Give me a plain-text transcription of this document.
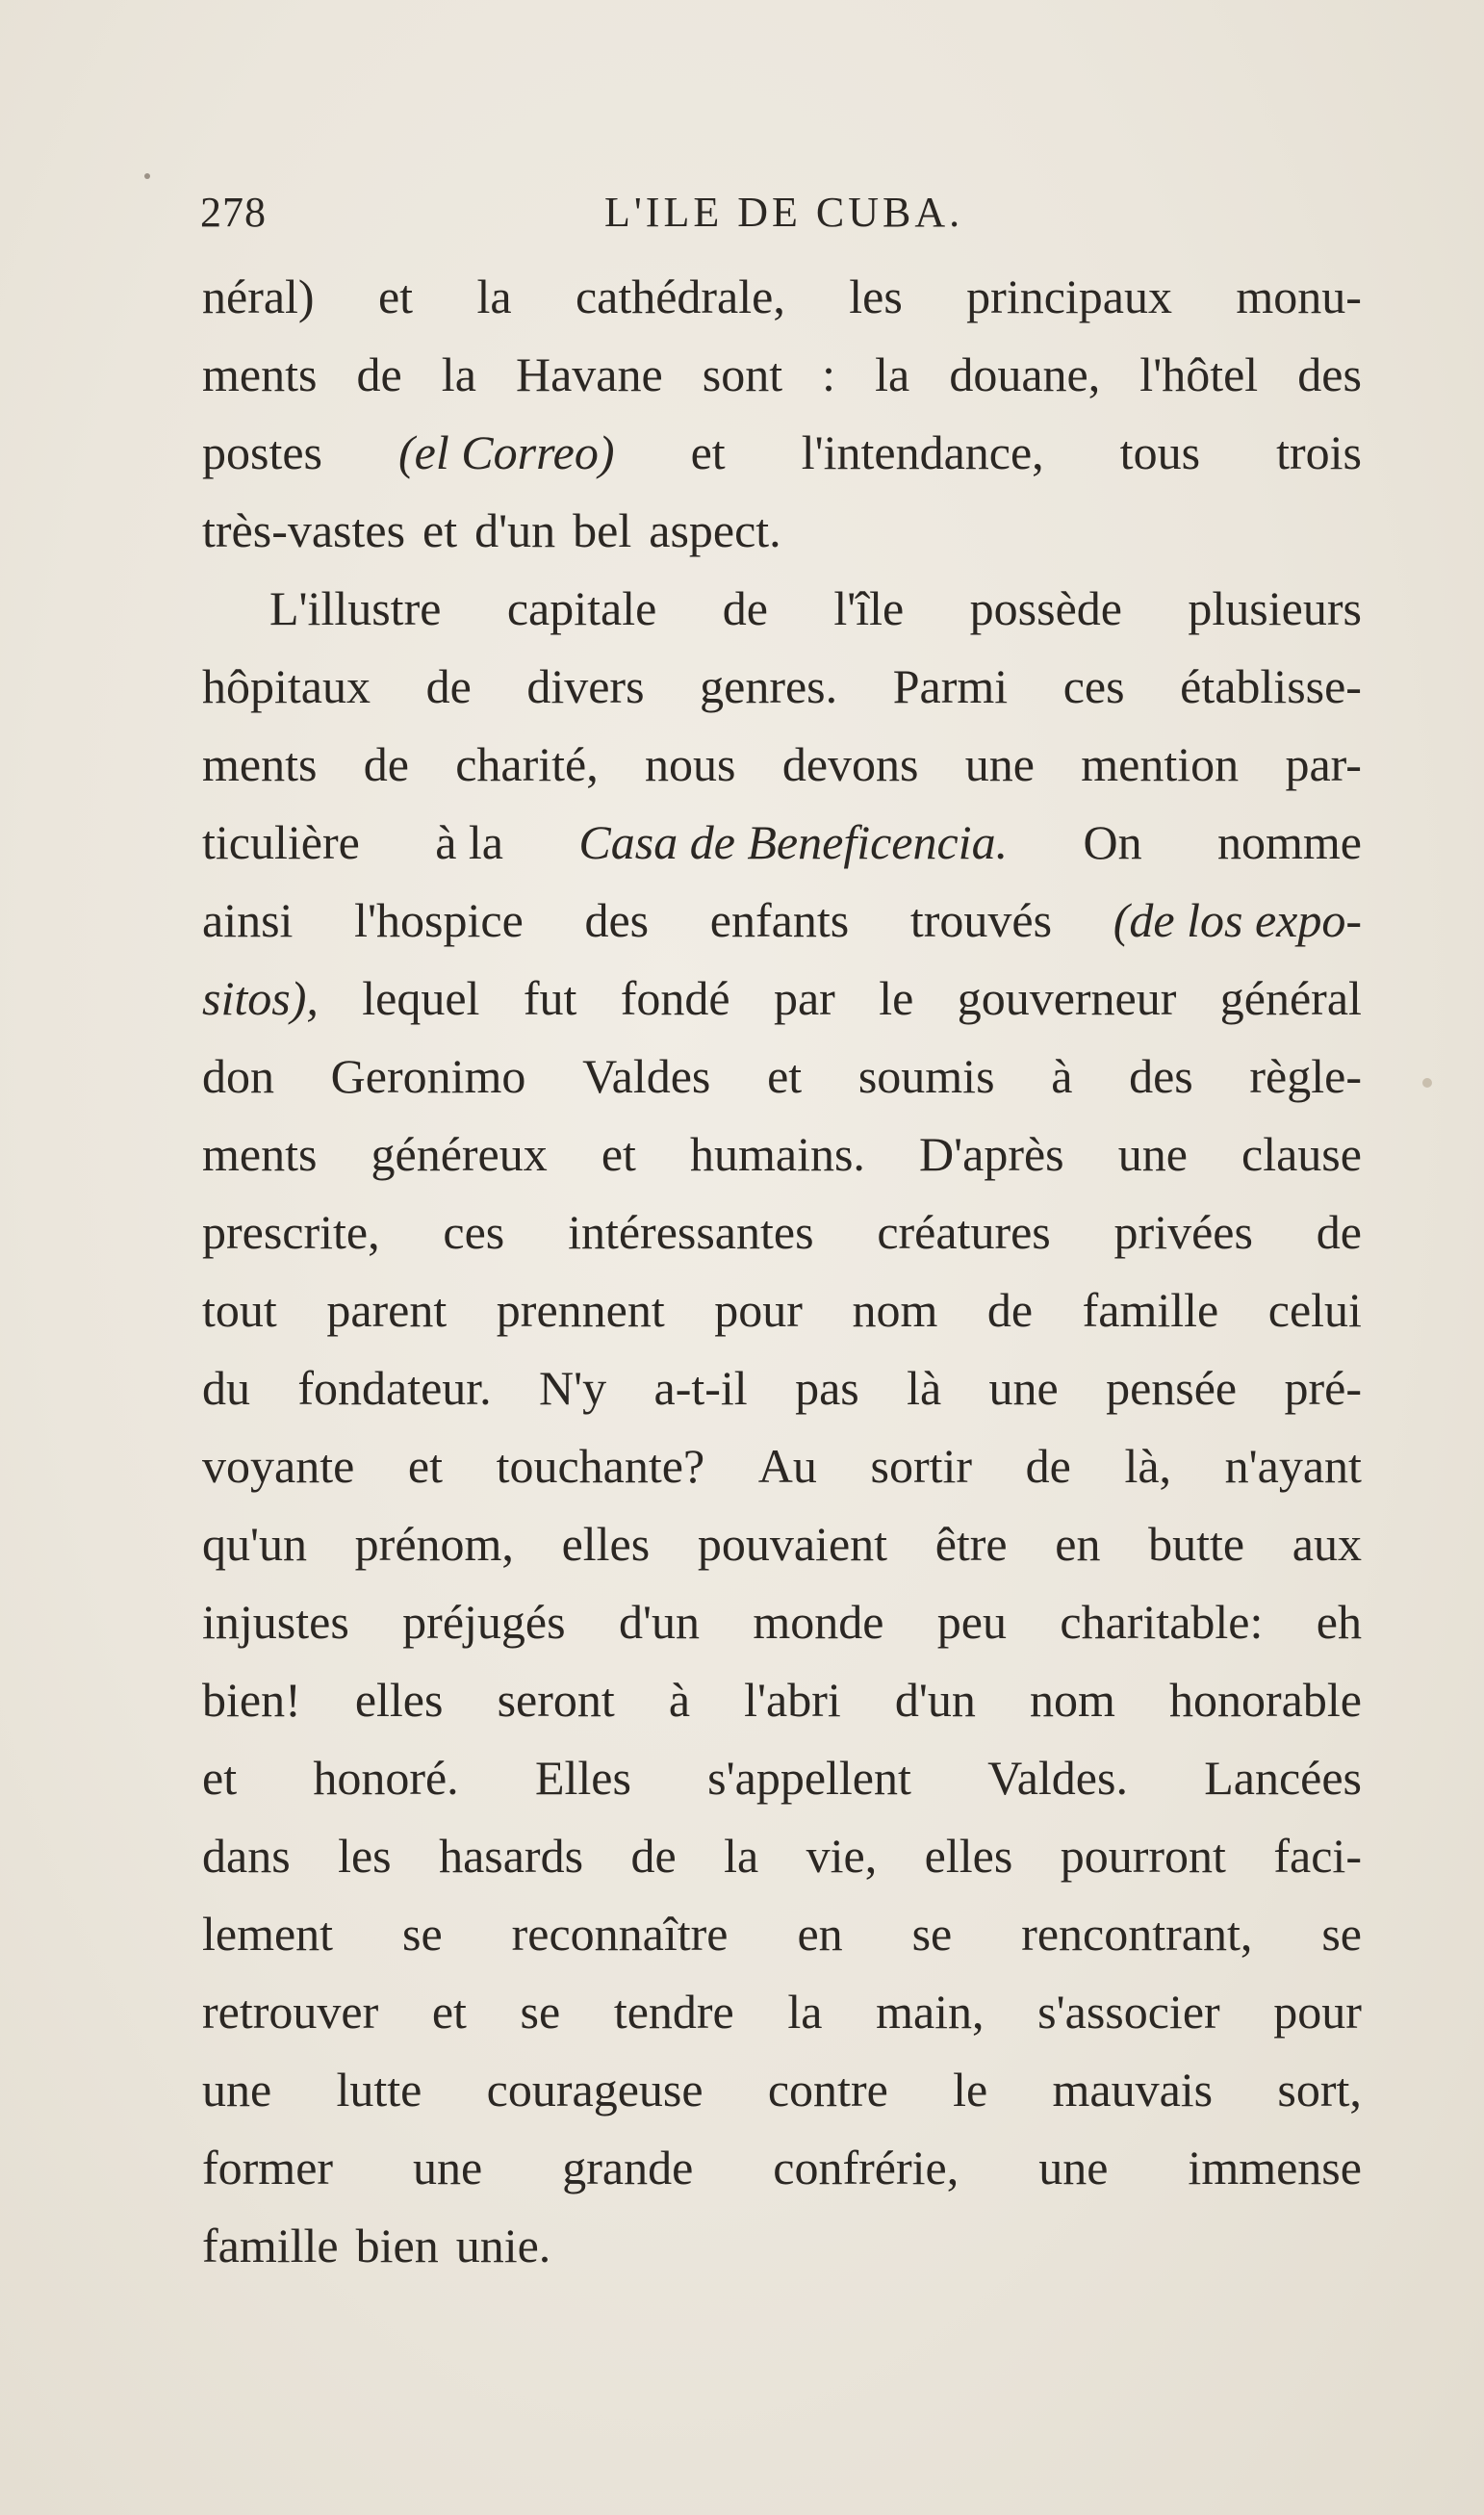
278	L'ILE DE CUBA.
néral) et la cathédrale, les principaux monu-
ments de la Havane sont : la douane, l'hôtel des
postes (el Correo) et l'intendance, tous trois
très-vastes et d'un bel aspect.
L'illustre capitale de l'île possède plusieurs
hôpitaux de divers genres. Parmi ces établisse-
ments de charité, nous devons une mention par-
ticulière à la Casa de Beneficencia. On nomme
ainsi l'hospice des enfants trouvés (de los expo-
sitos), lequel fut fondé par le gouverneur général
don Geronimo Valdes et soumis à des règle-
ments généreux et humains. D'après une clause
prescrite, ces intéressantes créatures privées de
tout parent prennent pour nom de famille celui
du fondateur. N'y a-t-il pas là une pensée pré-
voyante et touchante? Au sortir de là, n'ayant
qu'un prénom, elles pouvaient être en butte aux
injustes préjugés d'un monde peu charitable: eh
bien! elles seront à l'abri d'un nom honorable
et honoré. Elles s'appellent Valdes. Lancées
dans les hasards de la vie, elles pourront faci-
lement se reconnaître en se rencontrant, se
retrouver et se tendre la main, s'associer pour
une lutte courageuse contre le mauvais sort,
former une grande confrérie, une immense
famille bien unie.
